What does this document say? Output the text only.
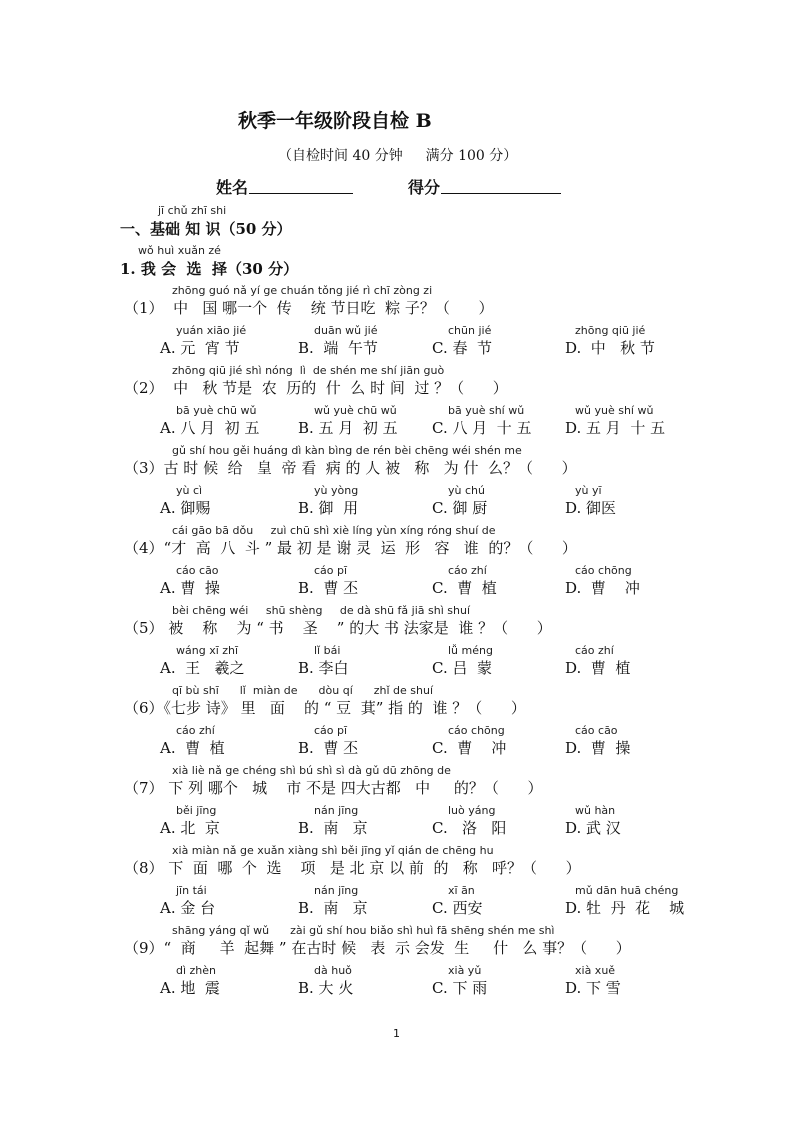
秋季一年级阶段自检 B
（自检时间 40 分钟　  满分 100 分）
姓名	得分
jī chǔ zhī shi
一、基础 知 识（50 分）
wǒ huì xuǎn zé
1. 我 会  选  择（30 分）
zhōng guó nǎ yí ge chuán tǒng jié rì chī zòng zi
（1）  中   国 哪一个  传    统 节日吃  粽 子？（      ）
yuán xiāo jié
A. 元  宵 节
duān wǔ jié
B.  端  午节
chūn jié
C. 春  节
zhōng qiū jié
D.  中   秋 节
zhōng qiū jié shì nóng  lì  de shén me shí jiān guò
（2）  中   秋 节是  农  历的  什  么 时 间  过 ？（      ）
bā yuè chū wǔ
A. 八 月  初 五
wǔ yuè chū wǔ
B. 五 月  初 五
bā yuè shí wǔ
C. 八 月  十 五
wǔ yuè shí wǔ
D. 五 月  十 五
gǔ shí hou gěi huáng dì kàn bìng de rén bèi chēng wéi shén me
（3）古 时 候  给   皇  帝 看  病 的 人 被   称   为 什  么？（      ）
yù cì
A. 御赐
yù yòng
B. 御  用
yù chú
C. 御 厨
yù yī
D. 御医
cái gāo bā dǒu     zuì chū shì xiè líng yùn xíng róng shuí de
（4）“才  高  八  斗 ” 最 初 是 谢 灵  运  形   容   谁  的？（      ）
cáo cāo
A. 曹  操
cáo pī
B.  曹 丕
cáo zhí
C.  曹  植
cáo chōng
D.  曹    冲
bèi chēng wéi     shū shèng     de dà shū fǎ jiā shì shuí
（5） 被    称    为 “ 书    圣    ” 的大 书 法家是  谁 ？（      ）
wáng xī zhī
A.  王   羲之
lǐ bái
B. 李白
lǚ méng
C. 吕  蒙
cáo zhí
D.  曹  植
qī bù shī      lǐ  miàn de      dòu qí      zhǐ de shuí
（6）《七步 诗》 里   面    的 “ 豆  萁” 指 的  谁 ？（      ）
cáo zhí
A.  曹  植
cáo pī
B.  曹 丕
cáo chōng
C.  曹    冲
cáo cāo
D.  曹  操
xià liè nǎ ge chéng shì bú shì sì dà gǔ dū zhōng de
（7） 下 列 哪个   城    市 不是 四大古都   中     的？（      ）
běi jīng
A. 北  京
nán jīng
B.  南   京
luò yáng
C.   洛   阳
wǔ hàn
D. 武 汉
xià miàn nǎ ge xuǎn xiàng shì běi jīng yǐ qián de chēng hu
（8） 下  面  哪  个  选    项   是 北 京 以 前  的   称   呼？（      ）
jīn tái
A. 金 台
nán jīng
B.  南   京
xī ān
C. 西安
mǔ dān huā chéng
D. 牡  丹  花    城
shāng yáng qǐ wǔ      zài gǔ shí hou biǎo shì huì fā shēng shén me shì
（9）“  商     羊  起舞 ” 在古时 候   表  示 会发  生     什   么 事？（      ）
dì zhèn
A. 地  震
dà huǒ
B. 大 火
xià yǔ
C. 下 雨
xià xuě
D. 下 雪
1
